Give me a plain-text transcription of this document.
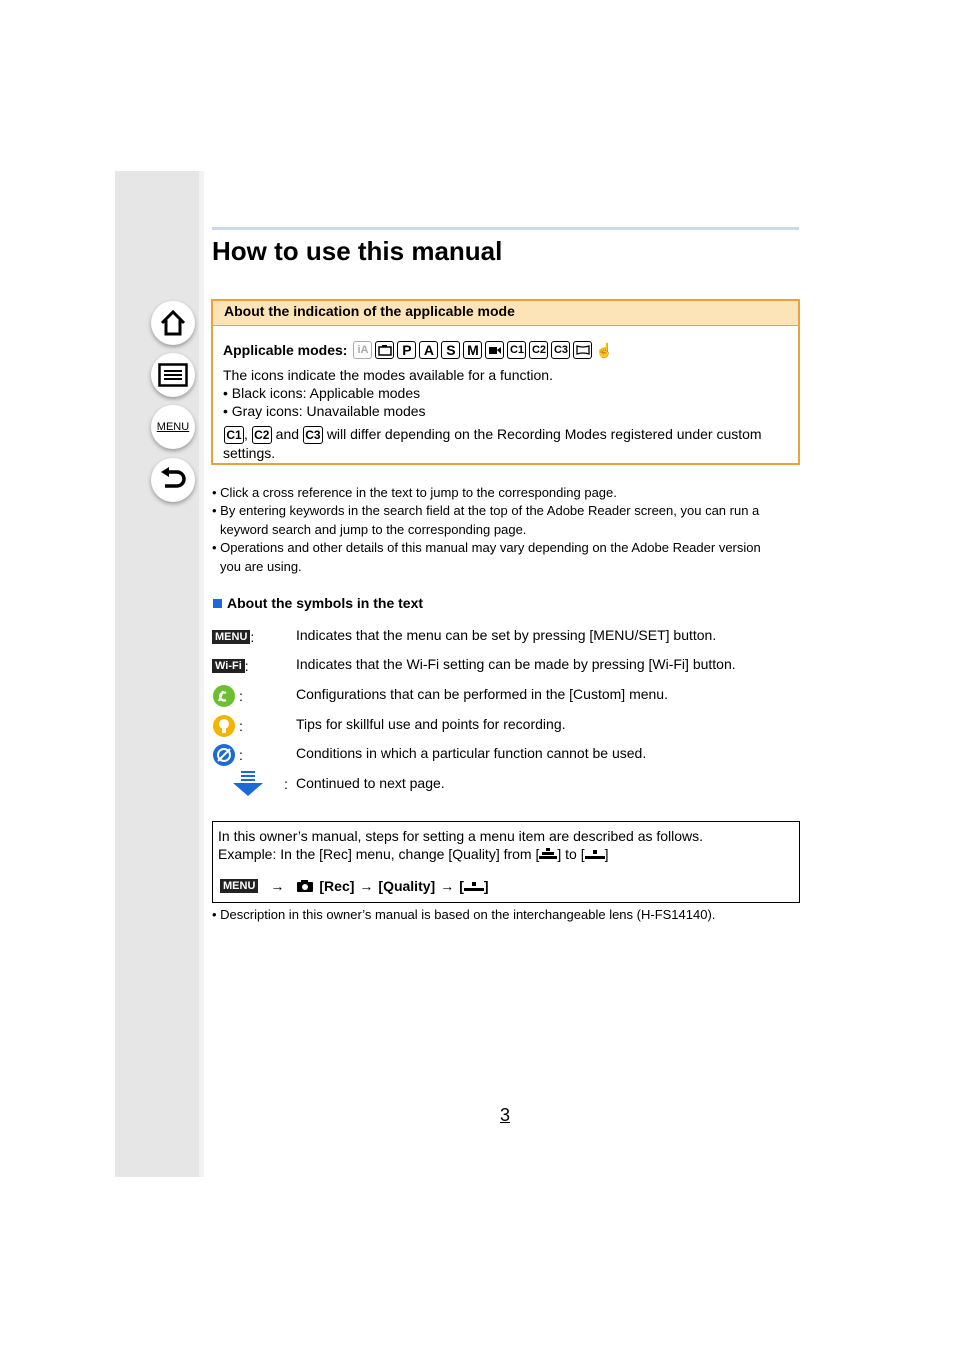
MENU
How to use this manual
About the indication of the applicable mode
Applicable modes: iA	P A S M	C1 C2 C3 ☝
The icons indicate the modes available for a function.
• Black icons: Applicable modes
• Gray icons: Unavailable modes
C1 , C2 and C3 will differ depending on the Recording Modes registered under custom
settings.
• Click a cross reference in the text to jump to the corresponding page.
• By entering keywords in the search field at the top of the Adobe Reader screen, you can run a
keyword search and jump to the corresponding page.
• Operations and other details of this manual may vary depending on the Adobe Reader version
you are using.
About the symbols in the text
MENU :	Indicates that the menu can be set by pressing [MENU/SET] button.
Wi-Fi :	Indicates that the Wi-Fi setting can be made by pressing [Wi-Fi] button.
:	Configurations that can be performed in the [Custom] menu.
:	Tips for skillful use and points for recording.
:	Conditions in which a particular function cannot be used.
: Continued to next page.
In this owner’s manual, steps for setting a menu item are described as follows.
Example: In the [Rec] menu, change [Quality] from [ ] to [ ]
MENU →	[Rec] → [Quality] → [ ]
• Description in this owner’s manual is based on the interchangeable lens (H-FS14140).
3
